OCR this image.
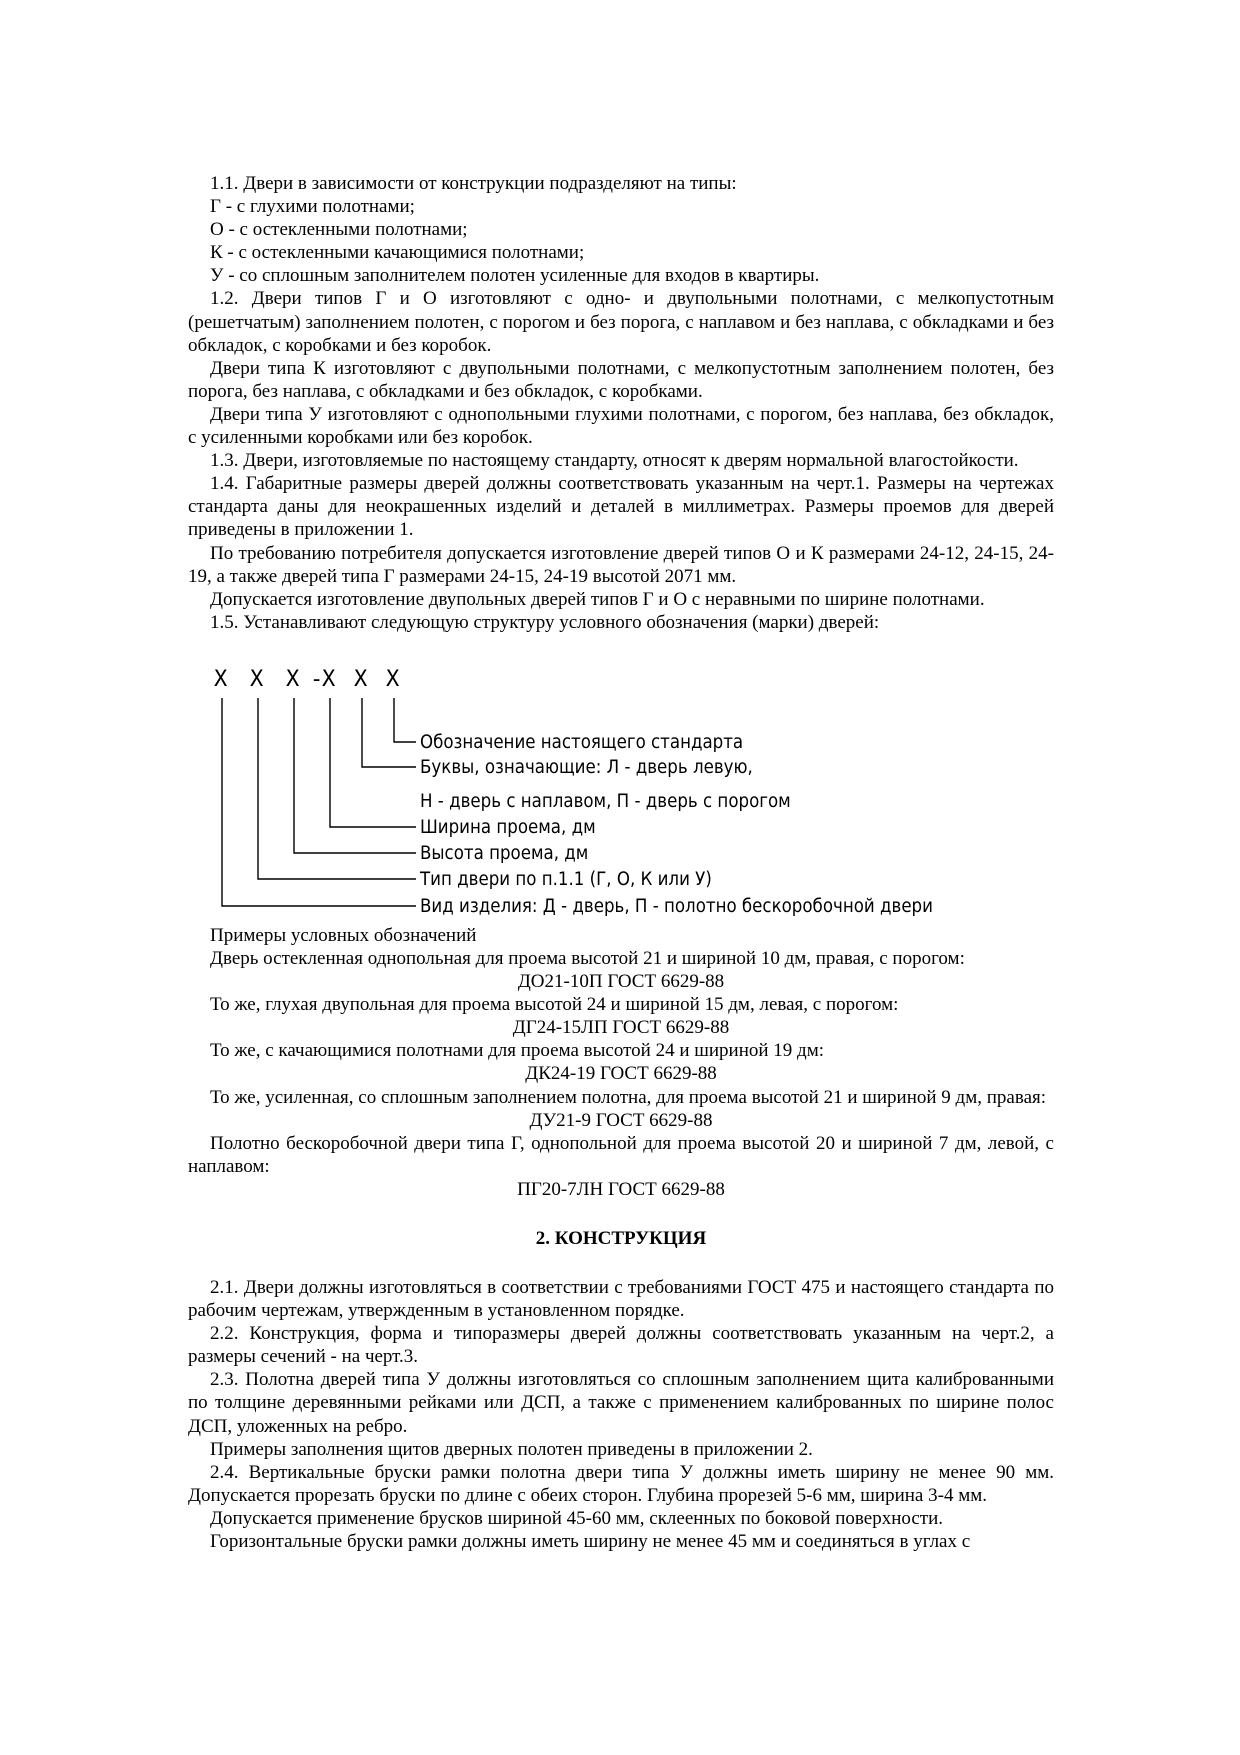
1.1. Двери в зависимости от конструкции подразделяют на типы:

Г - с глухими полотнами;

О - с остекленными полотнами;

К - с остекленными качающимися полотнами;

У - со сплошным заполнителем полотен усиленные для входов в квартиры.

1.2. Двери типов Г и О изготовляют с одно- и двупольными полотнами, с мелкопустотным (решетчатым) заполнением полотен, с порогом и без порога, с наплавом и без наплава, с обкладками и без обкладок, с коробками и без коробок.

Двери типа К изготовляют с двупольными полотнами, с мелкопустотным заполнением полотен, без порога, без наплава, с обкладками и без обкладок, с коробками.

Двери типа У изготовляют с однопольными глухими полотнами, с порогом, без наплава, без обкладок, с усиленными коробками или без коробок.

1.3. Двери, изготовляемые по настоящему стандарту, относят к дверям нормальной влагостойкости.

1.4. Габаритные размеры дверей должны соответствовать указанным на черт.1. Размеры на чертежах стандарта даны для неокрашенных изделий и деталей в миллиметрах. Размеры проемов для дверей приведены в приложении 1.

По требованию потребителя допускается изготовление дверей типов О и К размерами 24-12, 24-15, 24-19, а также дверей типа Г размерами 24-15, 24-19 высотой 2071 мм.

Допускается изготовление двупольных дверей типов Г и О с неравными по ширине полотнами.

1.5. Устанавливают следующую структуру условного обозначения (марки) дверей:

X X X -
X X X
Обозначение настоящего стандарта
Буквы, означающие: Л - дверь левую,
Н - дверь с наплавом, П - дверь с порогом
Ширина проема, дм
Высота проема, дм
Тип двери по п.1.1 (Г, О, К или У)
Вид изделия: Д - дверь, П - полотно бескоробочной двери

Примеры условных обозначений

Дверь остекленная однопольная для проема высотой 21 и шириной 10 дм, правая, с порогом:

ДО21-10П ГОСТ 6629-88

То же, глухая двупольная для проема высотой 24 и шириной 15 дм, левая, с порогом:

ДГ24-15ЛП ГОСТ 6629-88

То же, с качающимися полотнами для проема высотой 24 и шириной 19 дм:

ДК24-19 ГОСТ 6629-88

То же, усиленная, со сплошным заполнением полотна, для проема высотой 21 и шириной 9 дм, правая:

ДУ21-9 ГОСТ 6629-88

Полотно бескоробочной двери типа Г, однопольной для проема высотой 20 и шириной 7 дм, левой, с наплавом:

ПГ20-7ЛН ГОСТ 6629-88

2. КОНСТРУКЦИЯ

2.1. Двери должны изготовляться в соответствии с требованиями ГОСТ 475 и настоящего стандарта по рабочим чертежам, утвержденным в установленном порядке.

2.2. Конструкция, форма и типоразмеры дверей должны соответствовать указанным на черт.2, а размеры сечений - на черт.3.

2.3. Полотна дверей типа У должны изготовляться со сплошным заполнением щита калиброванными по толщине деревянными рейками или ДСП, а также с применением калиброванных по ширине полос ДСП, уложенных на ребро.

Примеры заполнения щитов дверных полотен приведены в приложении 2.

2.4. Вертикальные бруски рамки полотна двери типа У должны иметь ширину не менее 90 мм. Допускается прорезать бруски по длине с обеих сторон. Глубина прорезей 5-6 мм, ширина 3-4 мм.

Допускается применение брусков шириной 45-60 мм, склеенных по боковой поверхности.

Горизонтальные бруски рамки должны иметь ширину не менее 45 мм и соединяться в углах с
